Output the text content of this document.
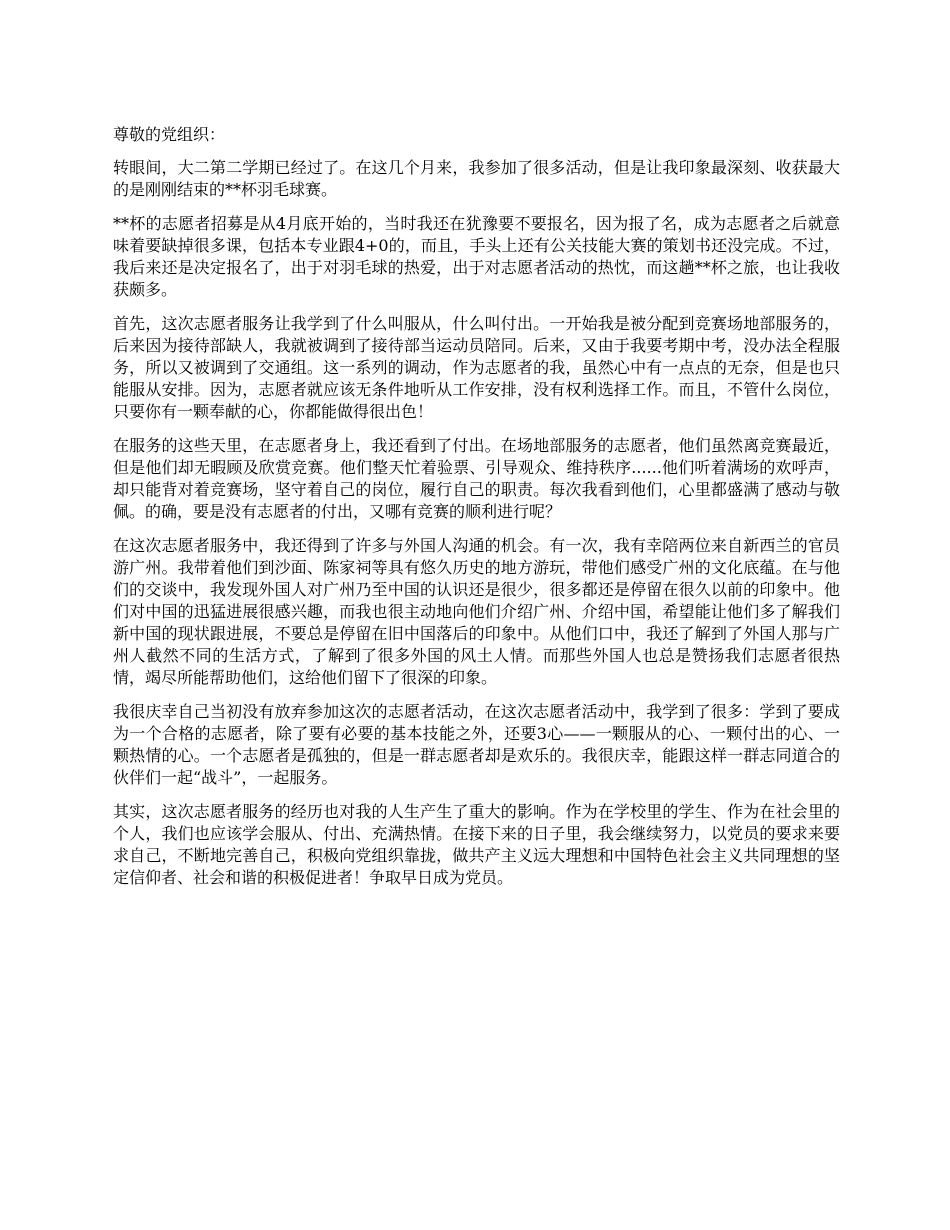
尊敬的党组织：

转眼间，大二第二学期已经过了。在这几个月来，我参加了很多活动，但是让我印象最深刻、收获最大的是刚刚结束的**杯羽毛球赛。

**杯的志愿者招募是从4月底开始的，当时我还在犹豫要不要报名，因为报了名，成为志愿者之后就意味着要缺掉很多课，包括本专业跟4+0的，而且，手头上还有公关技能大赛的策划书还没完成。不过，我后来还是决定报名了，出于对羽毛球的热爱，出于对志愿者活动的热忱，而这趟**杯之旅，也让我收获颇多。

首先，这次志愿者服务让我学到了什么叫服从，什么叫付出。一开始我是被分配到竞赛场地部服务的，后来因为接待部缺人，我就被调到了接待部当运动员陪同。后来，又由于我要考期中考，没办法全程服务，所以又被调到了交通组。这一系列的调动，作为志愿者的我，虽然心中有一点点的无奈，但是也只能服从安排。因为，志愿者就应该无条件地听从工作安排，没有权利选择工作。而且，不管什么岗位，只要你有一颗奉献的心，你都能做得很出色！

在服务的这些天里，在志愿者身上，我还看到了付出。在场地部服务的志愿者，他们虽然离竞赛最近，但是他们却无暇顾及欣赏竞赛。他们整天忙着验票、引导观众、维持秩序......他们听着满场的欢呼声，却只能背对着竞赛场，坚守着自己的岗位，履行自己的职责。每次我看到他们，心里都盛满了感动与敬佩。的确，要是没有志愿者的付出，又哪有竞赛的顺利进行呢？

在这次志愿者服务中，我还得到了许多与外国人沟通的机会。有一次，我有幸陪两位来自新西兰的官员游广州。我带着他们到沙面、陈家祠等具有悠久历史的地方游玩，带他们感受广州的文化底蕴。在与他们的交谈中，我发现外国人对广州乃至中国的认识还是很少，很多都还是停留在很久以前的印象中。他们对中国的迅猛进展很感兴趣，而我也很主动地向他们介绍广州、介绍中国，希望能让他们多了解我们新中国的现状跟进展，不要总是停留在旧中国落后的印象中。从他们口中，我还了解到了外国人那与广州人截然不同的生活方式，了解到了很多外国的风土人情。而那些外国人也总是赞扬我们志愿者很热情，竭尽所能帮助他们，这给他们留下了很深的印象。

我很庆幸自己当初没有放弃参加这次的志愿者活动，在这次志愿者活动中，我学到了很多：学到了要成为一个合格的志愿者，除了要有必要的基本技能之外，还要3心——一颗服从的心、一颗付出的心、一颗热情的心。一个志愿者是孤独的，但是一群志愿者却是欢乐的。我很庆幸，能跟这样一群志同道合的伙伴们一起“战斗”，一起服务。

其实，这次志愿者服务的经历也对我的人生产生了重大的影响。作为在学校里的学生、作为在社会里的个人，我们也应该学会服从、付出、充满热情。在接下来的日子里，我会继续努力，以党员的要求来要求自己，不断地完善自己，积极向党组织靠拢，做共产主义远大理想和中国特色社会主义共同理想的坚定信仰者、社会和谐的积极促进者！争取早日成为党员。
